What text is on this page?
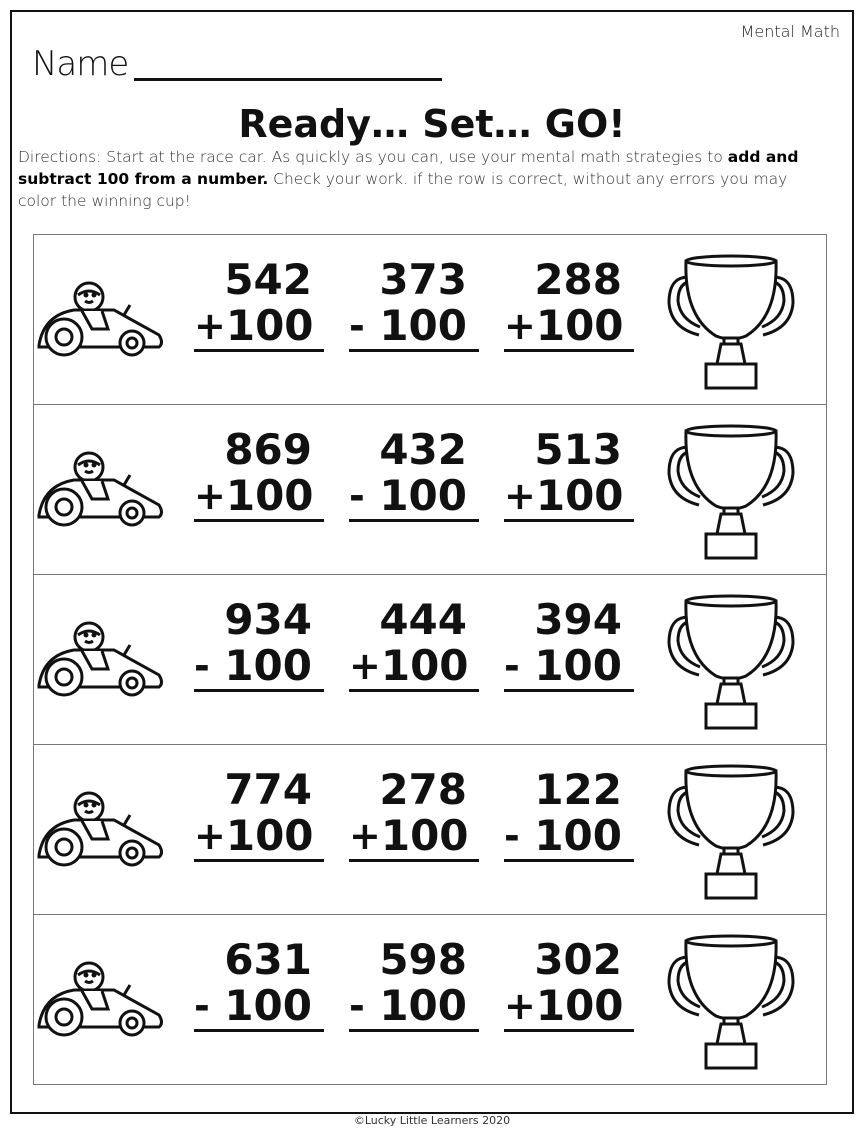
Mental Math
Name
Ready… Set… GO!
Directions: Start at the race car. As quickly as you can, use your mental math strategies to add and subtract 100 from a number. Check your work. if the row is correct, without any errors you may color the winning cup!
542
+ 100
373
- 100
288
+ 100
869
+ 100
432
- 100
513
+ 100
934
- 100
444
+ 100
394
- 100
774
+ 100
278
+ 100
122
- 100
631
- 100
598
- 100
302
+ 100
©Lucky Little Learners 2020
